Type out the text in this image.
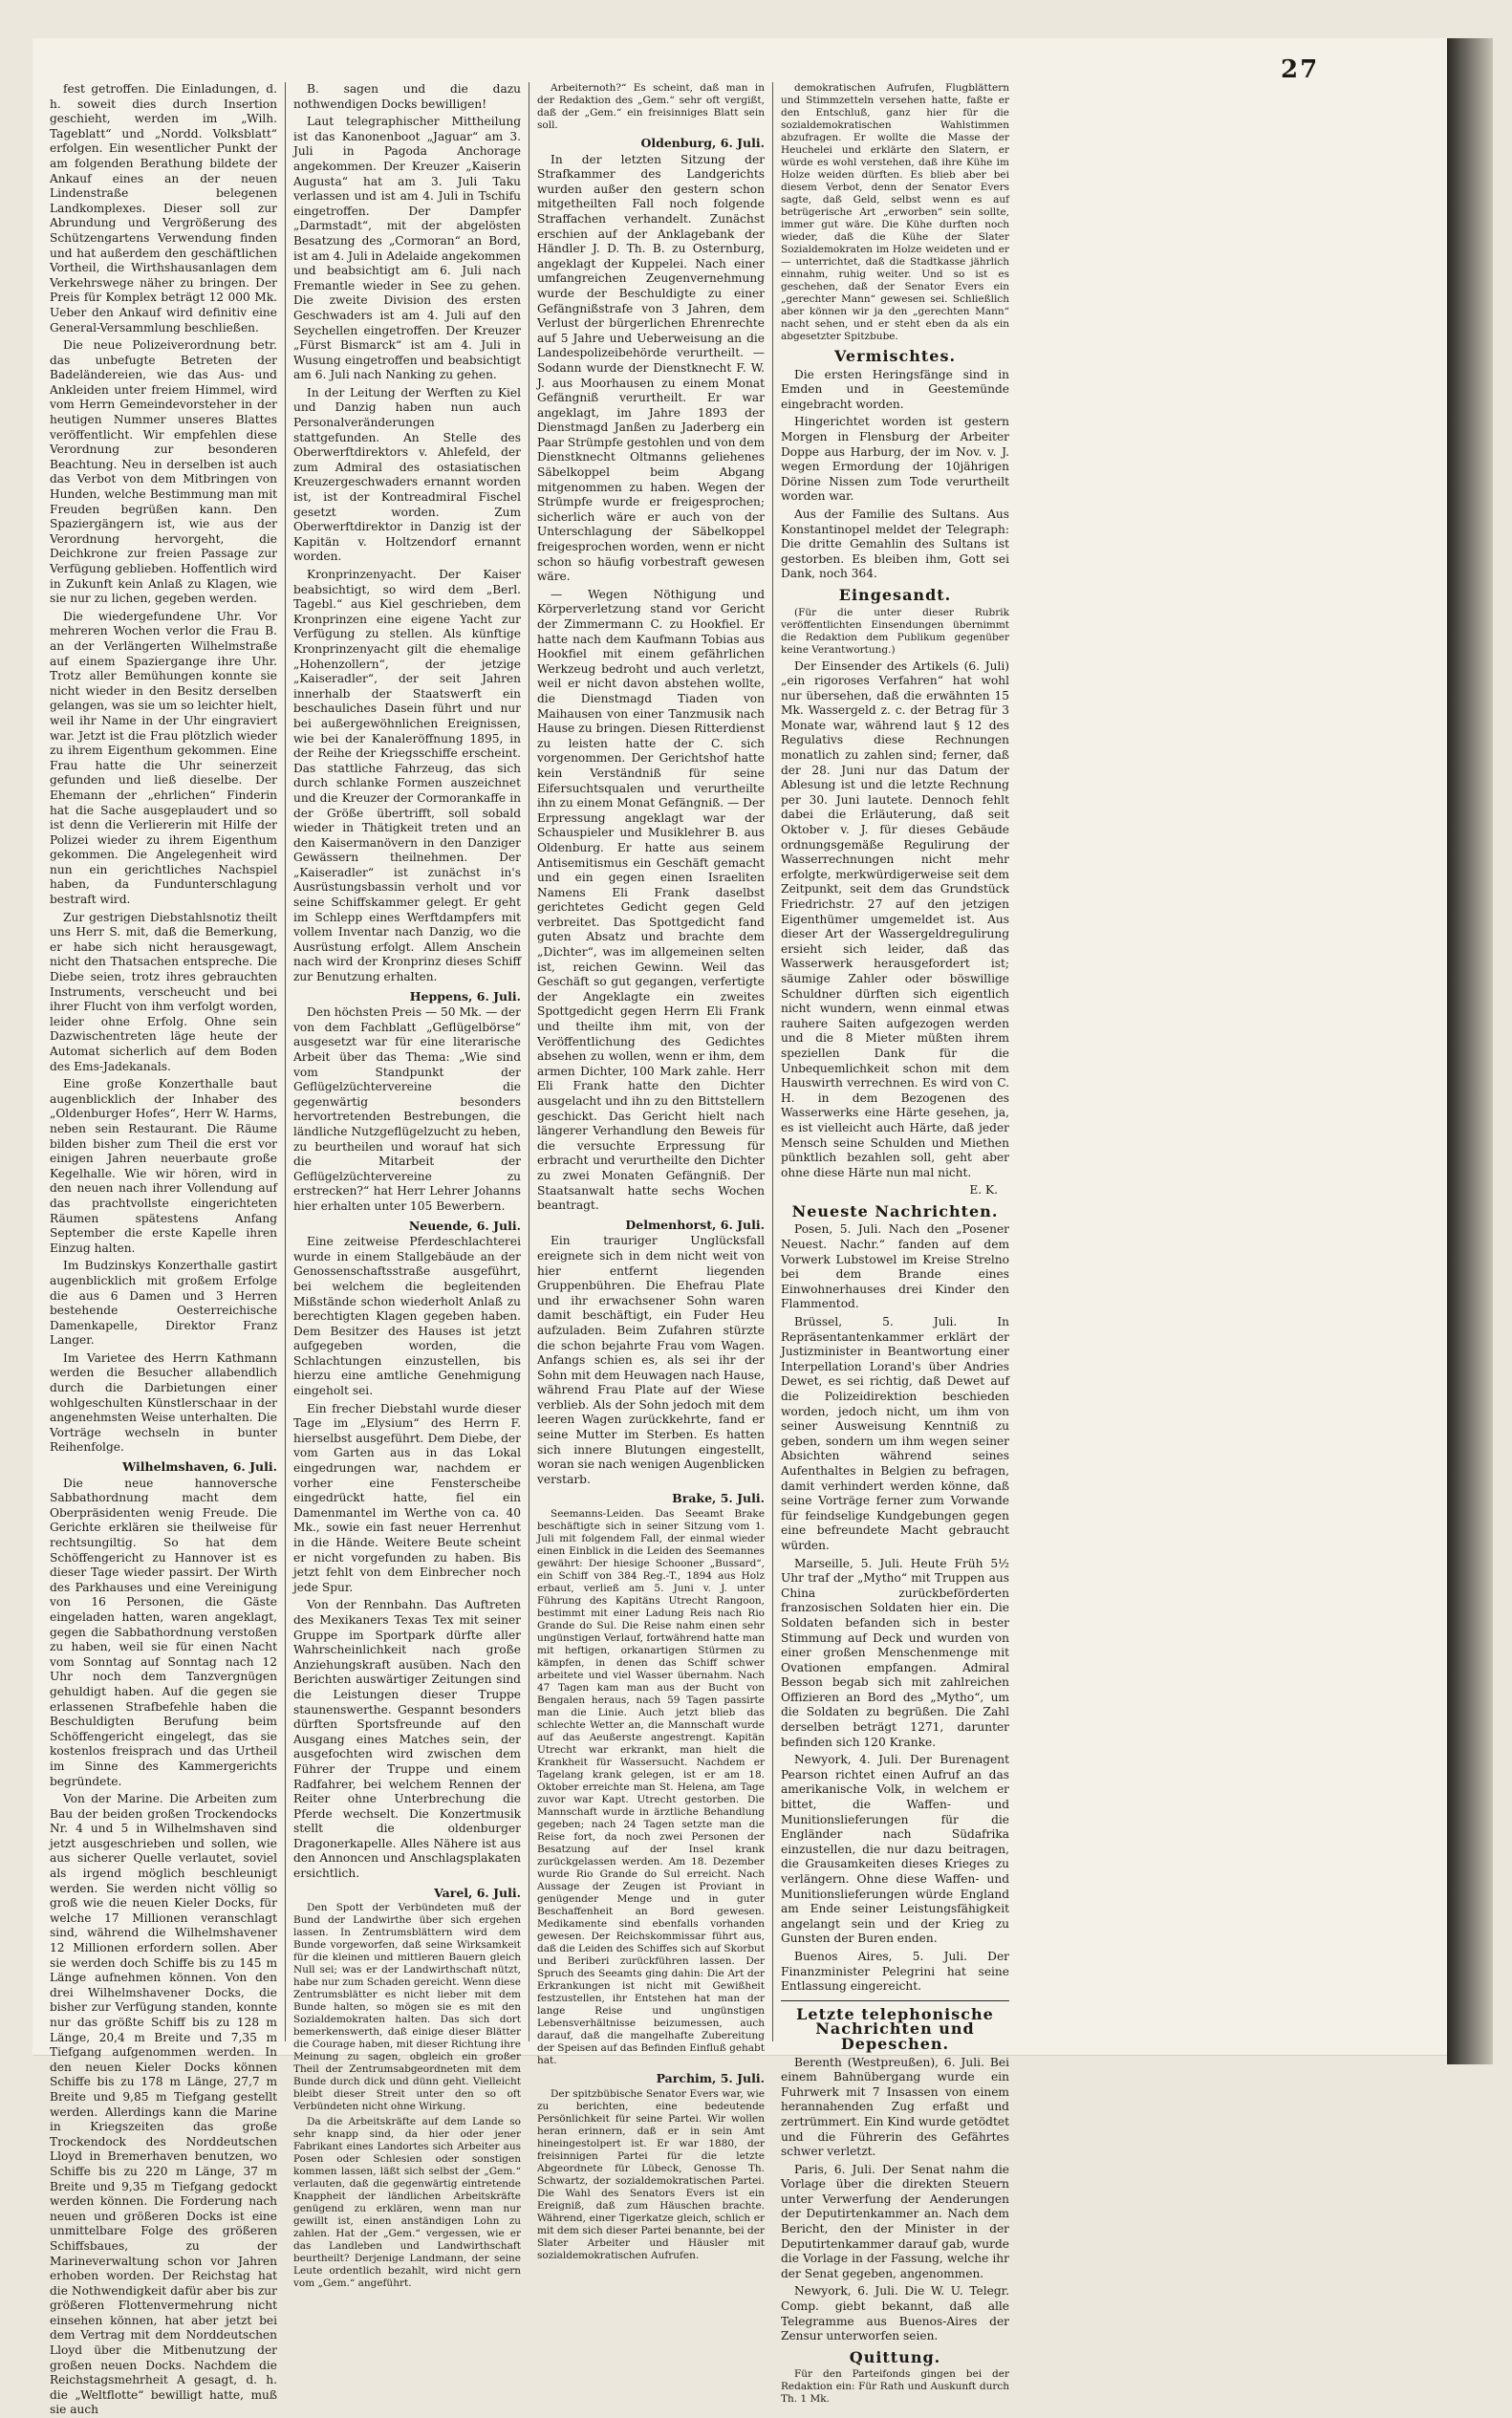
27

fest getroffen. Die Einladungen, d. h. soweit dies durch Insertion geschieht, werden im „Wilh. Tageblatt“ und „Nordd. Volksblatt“ erfolgen. Ein wesentlicher Punkt der am folgenden Berathung bildete der Ankauf eines an der neuen Lindenstraße belegenen Landkomplexes. Dieser soll zur Abrundung und Vergrößerung des Schützengartens Verwendung finden und hat außerdem den geschäftlichen Vortheil, die Wirthshausanlagen dem Verkehrswege näher zu bringen. Der Preis für Komplex beträgt 12 000 Mk. Ueber den Ankauf wird definitiv eine General-Versammlung beschließen.

Die neue Polizeiverordnung betr. das unbefugte Betreten der Badeländereien, wie das Aus- und Ankleiden unter freiem Himmel, wird vom Herrn Gemeindevorsteher in der heutigen Nummer unseres Blattes veröffentlicht. Wir empfehlen diese Verordnung zur besonderen Beachtung. Neu in derselben ist auch das Verbot von dem Mitbringen von Hunden, welche Bestimmung man mit Freuden begrüßen kann. Den Spaziergängern ist, wie aus der Verordnung hervorgeht, die Deichkrone zur freien Passage zur Verfügung geblieben. Hoffentlich wird in Zukunft kein Anlaß zu Klagen, wie sie nur zu lichen, gegeben werden.

Die wiedergefundene Uhr. Vor mehreren Wochen verlor die Frau B. an der Verlängerten Wilhelmstraße auf einem Spaziergange ihre Uhr. Trotz aller Bemühungen konnte sie nicht wieder in den Besitz derselben gelangen, was sie um so leichter hielt, weil ihr Name in der Uhr eingraviert war. Jetzt ist die Frau plötzlich wieder zu ihrem Eigenthum gekommen. Eine Frau hatte die Uhr seinerzeit gefunden und ließ dieselbe. Der Ehemann der „ehrlichen“ Finderin hat die Sache ausgeplaudert und so ist denn die Verliererin mit Hilfe der Polizei wieder zu ihrem Eigenthum gekommen. Die Angelegenheit wird nun ein gerichtliches Nachspiel haben, da Fundunterschlagung bestraft wird.

Zur gestrigen Diebstahlsnotiz theilt uns Herr S. mit, daß die Bemerkung, er habe sich nicht herausgewagt, nicht den Thatsachen entspreche. Die Diebe seien, trotz ihres gebrauchten Instruments, verscheucht und bei ihrer Flucht von ihm verfolgt worden, leider ohne Erfolg. Ohne sein Dazwischentreten läge heute der Automat sicherlich auf dem Boden des Ems-Jadekanals.

Eine große Konzerthalle baut augenblicklich der Inhaber des „Oldenburger Hofes“, Herr W. Harms, neben sein Restaurant. Die Räume bilden bisher zum Theil die erst vor einigen Jahren neuerbaute große Kegelhalle. Wie wir hören, wird in den neuen nach ihrer Vollendung auf das prachtvollste eingerichteten Räumen spätestens Anfang September die erste Kapelle ihren Einzug halten.

Im Budzinskys Konzerthalle gastirt augenblicklich mit großem Erfolge die aus 6 Damen und 3 Herren bestehende Oesterreichische Damenkapelle, Direktor Franz Langer.

Im Varietee des Herrn Kathmann werden die Besucher allabendlich durch die Darbietungen einer wohlgeschulten Künstlerschaar in der angenehmsten Weise unterhalten. Die Vorträge wechseln in bunter Reihenfolge.

Wilhelmshaven, 6. Juli.

Die neue hannoversche Sabbathordnung macht dem Oberpräsidenten wenig Freude. Die Gerichte erklären sie theilweise für rechtsungiltig. So hat dem Schöffengericht zu Hannover ist es dieser Tage wieder passirt. Der Wirth des Parkhauses und eine Vereinigung von 16 Personen, die Gäste eingeladen hatten, waren angeklagt, gegen die Sabbathordnung verstoßen zu haben, weil sie für einen Nacht vom Sonntag auf Sonntag nach 12 Uhr noch dem Tanzvergnügen gehuldigt haben. Auf die gegen sie erlassenen Strafbefehle haben die Beschuldigten Berufung beim Schöffengericht eingelegt, das sie kostenlos freisprach und das Urtheil im Sinne des Kammergerichts begründete.

Von der Marine. Die Arbeiten zum Bau der beiden großen Trockendocks Nr. 4 und 5 in Wilhelmshaven sind jetzt ausgeschrieben und sollen, wie aus sicherer Quelle verlautet, soviel als irgend möglich beschleunigt werden. Sie werden nicht völlig so groß wie die neuen Kieler Docks, für welche 17 Millionen veranschlagt sind, während die Wilhelmshavener 12 Millionen erfordern sollen. Aber sie werden doch Schiffe bis zu 145 m Länge aufnehmen können. Von den drei Wilhelmshavener Docks, die bisher zur Verfügung standen, konnte nur das größte Schiff bis zu 128 m Länge, 20,4 m Breite und 7,35 m Tiefgang aufgenommen werden. In den neuen Kieler Docks können Schiffe bis zu 178 m Länge, 27,7 m Breite und 9,85 m Tiefgang gestellt werden. Allerdings kann die Marine in Kriegszeiten das große Trockendock des Norddeutschen Lloyd in Bremerhaven benutzen, wo Schiffe bis zu 220 m Länge, 37 m Breite und 9,35 m Tiefgang gedockt werden können. Die Forderung nach neuen und größeren Docks ist eine unmittelbare Folge des größeren Schiffsbaues, zu der Marineverwaltung schon vor Jahren erhoben worden. Der Reichstag hat die Nothwendigkeit dafür aber bis zur größeren Flottenvermehrung nicht einsehen können, hat aber jetzt bei dem Vertrag mit dem Norddeutschen Lloyd über die Mitbenutzung der großen neuen Docks. Nachdem die Reichstagsmehrheit A gesagt, d. h. die „Weltflotte“ bewilligt hatte, muß sie auch

B. sagen und die dazu nothwendigen Docks bewilligen!

Laut telegraphischer Mittheilung ist das Kanonenboot „Jaguar“ am 3. Juli in Pagoda Anchorage angekommen. Der Kreuzer „Kaiserin Augusta“ hat am 3. Juli Taku verlassen und ist am 4. Juli in Tschifu eingetroffen. Der Dampfer „Darmstadt“, mit der abgelösten Besatzung des „Cormoran“ an Bord, ist am 4. Juli in Adelaide angekommen und beabsichtigt am 6. Juli nach Fremantle wieder in See zu gehen. Die zweite Division des ersten Geschwaders ist am 4. Juli auf den Seychellen eingetroffen. Der Kreuzer „Fürst Bismarck“ ist am 4. Juli in Wusung eingetroffen und beabsichtigt am 6. Juli nach Nanking zu gehen.

In der Leitung der Werften zu Kiel und Danzig haben nun auch Personalveränderungen stattgefunden. An Stelle des Oberwerftdirektors v. Ahlefeld, der zum Admiral des ostasiatischen Kreuzergeschwaders ernannt worden ist, ist der Kontreadmiral Fischel gesetzt worden. Zum Oberwerftdirektor in Danzig ist der Kapitän v. Holtzendorf ernannt worden.

Kronprinzenyacht. Der Kaiser beabsichtigt, so wird dem „Berl. Tagebl.“ aus Kiel geschrieben, dem Kronprinzen eine eigene Yacht zur Verfügung zu stellen. Als künftige Kronprinzenyacht gilt die ehemalige „Hohenzollern“, der jetzige „Kaiseradler“, der seit Jahren innerhalb der Staatswerft ein beschauliches Dasein führt und nur bei außergewöhnlichen Ereignissen, wie bei der Kanaleröffnung 1895, in der Reihe der Kriegsschiffe erscheint. Das stattliche Fahrzeug, das sich durch schlanke Formen auszeichnet und die Kreuzer der Cormorankaffe in der Größe übertrifft, soll sobald wieder in Thätigkeit treten und an den Kaisermanövern in den Danziger Gewässern theilnehmen. Der „Kaiseradler“ ist zunächst in's Ausrüstungsbassin verholt und vor seine Schiffskammer gelegt. Er geht im Schlepp eines Werftdampfers mit vollem Inventar nach Danzig, wo die Ausrüstung erfolgt. Allem Anschein nach wird der Kronprinz dieses Schiff zur Benutzung erhalten.

Heppens, 6. Juli.

Den höchsten Preis — 50 Mk. — der von dem Fachblatt „Geflügelbörse“ ausgesetzt war für eine literarische Arbeit über das Thema: „Wie sind vom Standpunkt der Geflügelzüchtervereine die gegenwärtig besonders hervortretenden Bestrebungen, die ländliche Nutzgeflügelzucht zu heben, zu beurtheilen und worauf hat sich die Mitarbeit der Geflügelzüchtervereine zu erstrecken?“ hat Herr Lehrer Johanns hier erhalten unter 105 Bewerbern.

Neuende, 6. Juli.

Eine zeitweise Pferdeschlachterei wurde in einem Stallgebäude an der Genossenschaftsstraße ausgeführt, bei welchem die begleitenden Mißstände schon wiederholt Anlaß zu berechtigten Klagen gegeben haben. Dem Besitzer des Hauses ist jetzt aufgegeben worden, die Schlachtungen einzustellen, bis hierzu eine amtliche Genehmigung eingeholt sei.

Ein frecher Diebstahl wurde dieser Tage im „Elysium“ des Herrn F. hierselbst ausgeführt. Dem Diebe, der vom Garten aus in das Lokal eingedrungen war, nachdem er vorher eine Fensterscheibe eingedrückt hatte, fiel ein Damenmantel im Werthe von ca. 40 Mk., sowie ein fast neuer Herrenhut in die Hände. Weitere Beute scheint er nicht vorgefunden zu haben. Bis jetzt fehlt von dem Einbrecher noch jede Spur.

Von der Rennbahn. Das Auftreten des Mexikaners Texas Tex mit seiner Gruppe im Sportpark dürfte aller Wahrscheinlichkeit nach große Anziehungskraft ausüben. Nach den Berichten auswärtiger Zeitungen sind die Leistungen dieser Truppe staunenswerthe. Gespannt besonders dürften Sportsfreunde auf den Ausgang eines Matches sein, der ausgefochten wird zwischen dem Führer der Truppe und einem Radfahrer, bei welchem Rennen der Reiter ohne Unterbrechung die Pferde wechselt. Die Konzertmusik stellt die oldenburger Dragonerkapelle. Alles Nähere ist aus den Annoncen und Anschlagsplakaten ersichtlich.

Varel, 6. Juli.

Den Spott der Verbündeten muß der Bund der Landwirthe über sich ergehen lassen. In Zentrumsblättern wird dem Bunde vorgeworfen, daß seine Wirksamkeit für die kleinen und mittleren Bauern gleich Null sei; was er der Landwirthschaft nützt, habe nur zum Schaden gereicht. Wenn diese Zentrumsblätter es nicht lieber mit dem Bunde halten, so mögen sie es mit den Sozialdemokraten halten. Das sich dort bemerkenswerth, daß einige dieser Blätter die Courage haben, mit dieser Richtung ihre Meinung zu sagen, obgleich ein großer Theil der Zentrumsabgeordneten mit dem Bunde durch dick und dünn geht. Vielleicht bleibt dieser Streit unter den so oft Verbündeten nicht ohne Wirkung.

Da die Arbeitskräfte auf dem Lande so sehr knapp sind, da hier oder jener Fabrikant eines Landortes sich Arbeiter aus Posen oder Schlesien oder sonstigen kommen lassen, läßt sich selbst der „Gem.“ verlauten, daß die gegenwärtig eintretende Knappheit der ländlichen Arbeitskräfte genügend zu erklären, wenn man nur gewillt ist, einen anständigen Lohn zu zahlen. Hat der „Gem.“ vergessen, wie er das Landleben und Landwirthschaft beurtheilt? Derjenige Landmann, der seine Leute ordentlich bezahlt, wird nicht gern vom „Gem.“ angeführt.

Arbeiternoth?“ Es scheint, daß man in der Redaktion des „Gem.“ sehr oft vergißt, daß der „Gem.“ ein freisinniges Blatt sein soll.

Oldenburg, 6. Juli.

In der letzten Sitzung der Strafkammer des Landgerichts wurden außer den gestern schon mitgetheilten Fall noch folgende Straffachen verhandelt. Zunächst erschien auf der Anklagebank der Händler J. D. Th. B. zu Osternburg, angeklagt der Kuppelei. Nach einer umfangreichen Zeugenvernehmung wurde der Beschuldigte zu einer Gefängnißstrafe von 3 Jahren, dem Verlust der bürgerlichen Ehrenrechte auf 5 Jahre und Ueberweisung an die Landespolizeibehörde verurtheilt. — Sodann wurde der Dienstknecht F. W. J. aus Moorhausen zu einem Monat Gefängniß verurtheilt. Er war angeklagt, im Jahre 1893 der Dienstmagd Janßen zu Jaderberg ein Paar Strümpfe gestohlen und von dem Dienstknecht Oltmanns geliehenes Säbelkoppel beim Abgang mitgenommen zu haben. Wegen der Strümpfe wurde er freigesprochen; sicherlich wäre er auch von der Unterschlagung der Säbelkoppel freigesprochen worden, wenn er nicht schon so häufig vorbestraft gewesen wäre.

— Wegen Nöthigung und Körperverletzung stand vor Gericht der Zimmermann C. zu Hookfiel. Er hatte nach dem Kaufmann Tobias aus Hookfiel mit einem gefährlichen Werkzeug bedroht und auch verletzt, weil er nicht davon abstehen wollte, die Dienstmagd Tiaden von Maihausen von einer Tanzmusik nach Hause zu bringen. Diesen Ritterdienst zu leisten hatte der C. sich vorgenommen. Der Gerichtshof hatte kein Verständniß für seine Eifersuchtsqualen und verurtheilte ihn zu einem Monat Gefängniß. — Der Erpressung angeklagt war der Schauspieler und Musiklehrer B. aus Oldenburg. Er hatte aus seinem Antisemitismus ein Geschäft gemacht und ein gegen einen Israeliten Namens Eli Frank daselbst gerichtetes Gedicht gegen Geld verbreitet. Das Spottgedicht fand guten Absatz und brachte dem „Dichter“, was im allgemeinen selten ist, reichen Gewinn. Weil das Geschäft so gut gegangen, verfertigte der Angeklagte ein zweites Spottgedicht gegen Herrn Eli Frank und theilte ihm mit, von der Veröffentlichung des Gedichtes absehen zu wollen, wenn er ihm, dem armen Dichter, 100 Mark zahle. Herr Eli Frank hatte den Dichter ausgelacht und ihn zu den Bittstellern geschickt. Das Gericht hielt nach längerer Verhandlung den Beweis für die versuchte Erpressung für erbracht und verurtheilte den Dichter zu zwei Monaten Gefängniß. Der Staatsanwalt hatte sechs Wochen beantragt.

Delmenhorst, 6. Juli.

Ein trauriger Unglücksfall ereignete sich in dem nicht weit von hier entfernt liegenden Gruppenbühren. Die Ehefrau Plate und ihr erwachsener Sohn waren damit beschäftigt, ein Fuder Heu aufzuladen. Beim Zufahren stürzte die schon bejahrte Frau vom Wagen. Anfangs schien es, als sei ihr der Sohn mit dem Heuwagen nach Hause, während Frau Plate auf der Wiese verblieb. Als der Sohn jedoch mit dem leeren Wagen zurückkehrte, fand er seine Mutter im Sterben. Es hatten sich innere Blutungen eingestellt, woran sie nach wenigen Augenblicken verstarb.

Brake, 5. Juli.

Seemanns-Leiden. Das Seeamt Brake beschäftigte sich in seiner Sitzung vom 1. Juli mit folgendem Fall, der einmal wieder einen Einblick in die Leiden des Seemannes gewährt: Der hiesige Schooner „Bussard“, ein Schiff von 384 Reg.-T., 1894 aus Holz erbaut, verließ am 5. Juni v. J. unter Führung des Kapitäns Utrecht Rangoon, bestimmt mit einer Ladung Reis nach Rio Grande do Sul. Die Reise nahm einen sehr ungünstigen Verlauf, fortwährend hatte man mit heftigen, orkanartigen Stürmen zu kämpfen, in denen das Schiff schwer arbeitete und viel Wasser übernahm. Nach 47 Tagen kam man aus der Bucht von Bengalen heraus, nach 59 Tagen passirte man die Linie. Auch jetzt blieb das schlechte Wetter an, die Mannschaft wurde auf das Aeußerste angestrengt. Kapitän Utrecht war erkrankt, man hielt die Krankheit für Wassersucht. Nachdem er Tagelang krank gelegen, ist er am 18. Oktober erreichte man St. Helena, am Tage zuvor war Kapt. Utrecht gestorben. Die Mannschaft wurde in ärztliche Behandlung gegeben; nach 24 Tagen setzte man die Reise fort, da noch zwei Personen der Besatzung auf der Insel krank zurückgelassen werden. Am 18. Dezember wurde Rio Grande do Sul erreicht. Nach Aussage der Zeugen ist Proviant in genügender Menge und in guter Beschaffenheit an Bord gewesen. Medikamente sind ebenfalls vorhanden gewesen. Der Reichskommissar führt aus, daß die Leiden des Schiffes sich auf Skorbut und Beriberi zurückführen lassen. Der Spruch des Seeamts ging dahin: Die Art der Erkrankungen ist nicht mit Gewißheit festzustellen, ihr Entstehen hat man der lange Reise und ungünstigen Lebensverhältnisse beizumessen, auch darauf, daß die mangelhafte Zubereitung der Speisen auf das Befinden Einfluß gehabt hat.

Parchim, 5. Juli.

Der spitzbübische Senator Evers war, wie zu berichten, eine bedeutende Persönlichkeit für seine Partei. Wir wollen heran erinnern, daß er in sein Amt hineingestolpert ist. Er war 1880, der freisinnigen Partei für die letzte Abgeordnete für Lübeck, Genosse Th. Schwartz, der sozialdemokratischen Partei. Die Wahl des Senators Evers ist ein Ereigniß, daß zum Häuschen brachte. Während, einer Tigerkatze gleich, schlich er mit dem sich dieser Partei benannte, bei der Slater Arbeiter und Häusler mit sozialdemokratischen Aufrufen.

demokratischen Aufrufen, Flugblättern und Stimmzetteln versehen hatte, faßte er den Entschluß, ganz hier für die sozialdemokratischen Wahlstimmen abzufragen. Er wollte die Masse der Heuchelei und erklärte den Slatern, er würde es wohl verstehen, daß ihre Kühe im Holze weiden dürften. Es blieb aber bei diesem Verbot, denn der Senator Evers sagte, daß Geld, selbst wenn es auf betrügerische Art „erworben“ sein sollte, immer gut wäre. Die Kühe durften noch wieder, daß die Kühe der Slater Sozialdemokraten im Holze weideten und er — unterrichtet, daß die Stadtkasse jährlich einnahm, ruhig weiter. Und so ist es geschehen, daß der Senator Evers ein „gerechter Mann“ gewesen sei. Schließlich aber können wir ja den „gerechten Mann“ nacht sehen, und er steht eben da als ein abgesetzter Spitzbube.

Vermischtes.

Die ersten Heringsfänge sind in Emden und in Geestemünde eingebracht worden.

Hingerichtet worden ist gestern Morgen in Flensburg der Arbeiter Doppe aus Harburg, der im Nov. v. J. wegen Ermordung der 10jährigen Dörine Nissen zum Tode verurtheilt worden war.

Aus der Familie des Sultans. Aus Konstantinopel meldet der Telegraph: Die dritte Gemahlin des Sultans ist gestorben. Es bleiben ihm, Gott sei Dank, noch 364.

Eingesandt.

(Für die unter dieser Rubrik veröffentlichten Einsendungen übernimmt die Redaktion dem Publikum gegenüber keine Verantwortung.)

Der Einsender des Artikels (6. Juli) „ein rigoroses Verfahren“ hat wohl nur übersehen, daß die erwähnten 15 Mk. Wassergeld z. c. der Betrag für 3 Monate war, während laut § 12 des Regulativs diese Rechnungen monatlich zu zahlen sind; ferner, daß der 28. Juni nur das Datum der Ablesung ist und die letzte Rechnung per 30. Juni lautete. Dennoch fehlt dabei die Erläuterung, daß seit Oktober v. J. für dieses Gebäude ordnungsgemäße Regulirung der Wasserrechnungen nicht mehr erfolgte, merkwürdigerweise seit dem Zeitpunkt, seit dem das Grundstück Friedrichstr. 27 auf den jetzigen Eigenthümer umgemeldet ist. Aus dieser Art der Wassergeldregulirung ersieht sich leider, daß das Wasserwerk herausgefordert ist; säumige Zahler oder böswillige Schuldner dürften sich eigentlich nicht wundern, wenn einmal etwas rauhere Saiten aufgezogen werden und die 8 Mieter müßten ihrem speziellen Dank für die Unbequemlichkeit schon mit dem Hauswirth verrechnen. Es wird von C. H. in dem Bezogenen des Wasserwerks eine Härte gesehen, ja, es ist vielleicht auch Härte, daß jeder Mensch seine Schulden und Miethen pünktlich bezahlen soll, geht aber ohne diese Härte nun mal nicht.

E. K.
Neueste Nachrichten.

Posen, 5. Juli. Nach den „Posener Neuest. Nachr.“ fanden auf dem Vorwerk Lubstowel im Kreise Strelno bei dem Brande eines Einwohnerhauses drei Kinder den Flammentod.

Brüssel, 5. Juli. In Repräsentantenkammer erklärt der Justizminister in Beantwortung einer Interpellation Lorand's über Andries Dewet, es sei richtig, daß Dewet auf die Polizeidirektion beschieden worden, jedoch nicht, um ihm von seiner Ausweisung Kenntniß zu geben, sondern um ihm wegen seiner Absichten während seines Aufenthaltes in Belgien zu befragen, damit verhindert werden könne, daß seine Vorträge ferner zum Vorwande für feindselige Kundgebungen gegen eine befreundete Macht gebraucht würden.

Marseille, 5. Juli. Heute Früh 5½ Uhr traf der „Mytho“ mit Truppen aus China zurückbeförderten franzosischen Soldaten hier ein. Die Soldaten befanden sich in bester Stimmung auf Deck und wurden von einer großen Menschenmenge mit Ovationen empfangen. Admiral Besson begab sich mit zahlreichen Offizieren an Bord des „Mytho“, um die Soldaten zu begrüßen. Die Zahl derselben beträgt 1271, darunter befinden sich 120 Kranke.

Newyork, 4. Juli. Der Burenagent Pearson richtet einen Aufruf an das amerikanische Volk, in welchem er bittet, die Waffen- und Munitionslieferungen für die Engländer nach Südafrika einzustellen, die nur dazu beitragen, die Grausamkeiten dieses Krieges zu verlängern. Ohne diese Waffen- und Munitionslieferungen würde England am Ende seiner Leistungsfähigkeit angelangt sein und der Krieg zu Gunsten der Buren enden.

Buenos Aires, 5. Juli. Der Finanzminister Pelegrini hat seine Entlassung eingereicht.

Letzte telephonische Nachrichten und Depeschen.

Berenth (Westpreußen), 6. Juli. Bei einem Bahnübergang wurde ein Fuhrwerk mit 7 Insassen von einem herannahenden Zug erfaßt und zertrümmert. Ein Kind wurde getödtet und die Führerin des Gefährtes schwer verletzt.

Paris, 6. Juli. Der Senat nahm die Vorlage über die direkten Steuern unter Verwerfung der Aenderungen der Deputirtenkammer an. Nach dem Bericht, den der Minister in der Deputirtenkammer darauf gab, wurde die Vorlage in der Fassung, welche ihr der Senat gegeben, angenommen.

Newyork, 6. Juli. Die W. U. Telegr. Comp. giebt bekannt, daß alle Telegramme aus Buenos-Aires der Zensur unterworfen seien.

Quittung.

Für den Parteifonds gingen bei der Redaktion ein: Für Rath und Auskunft durch Th. 1 Mk.
